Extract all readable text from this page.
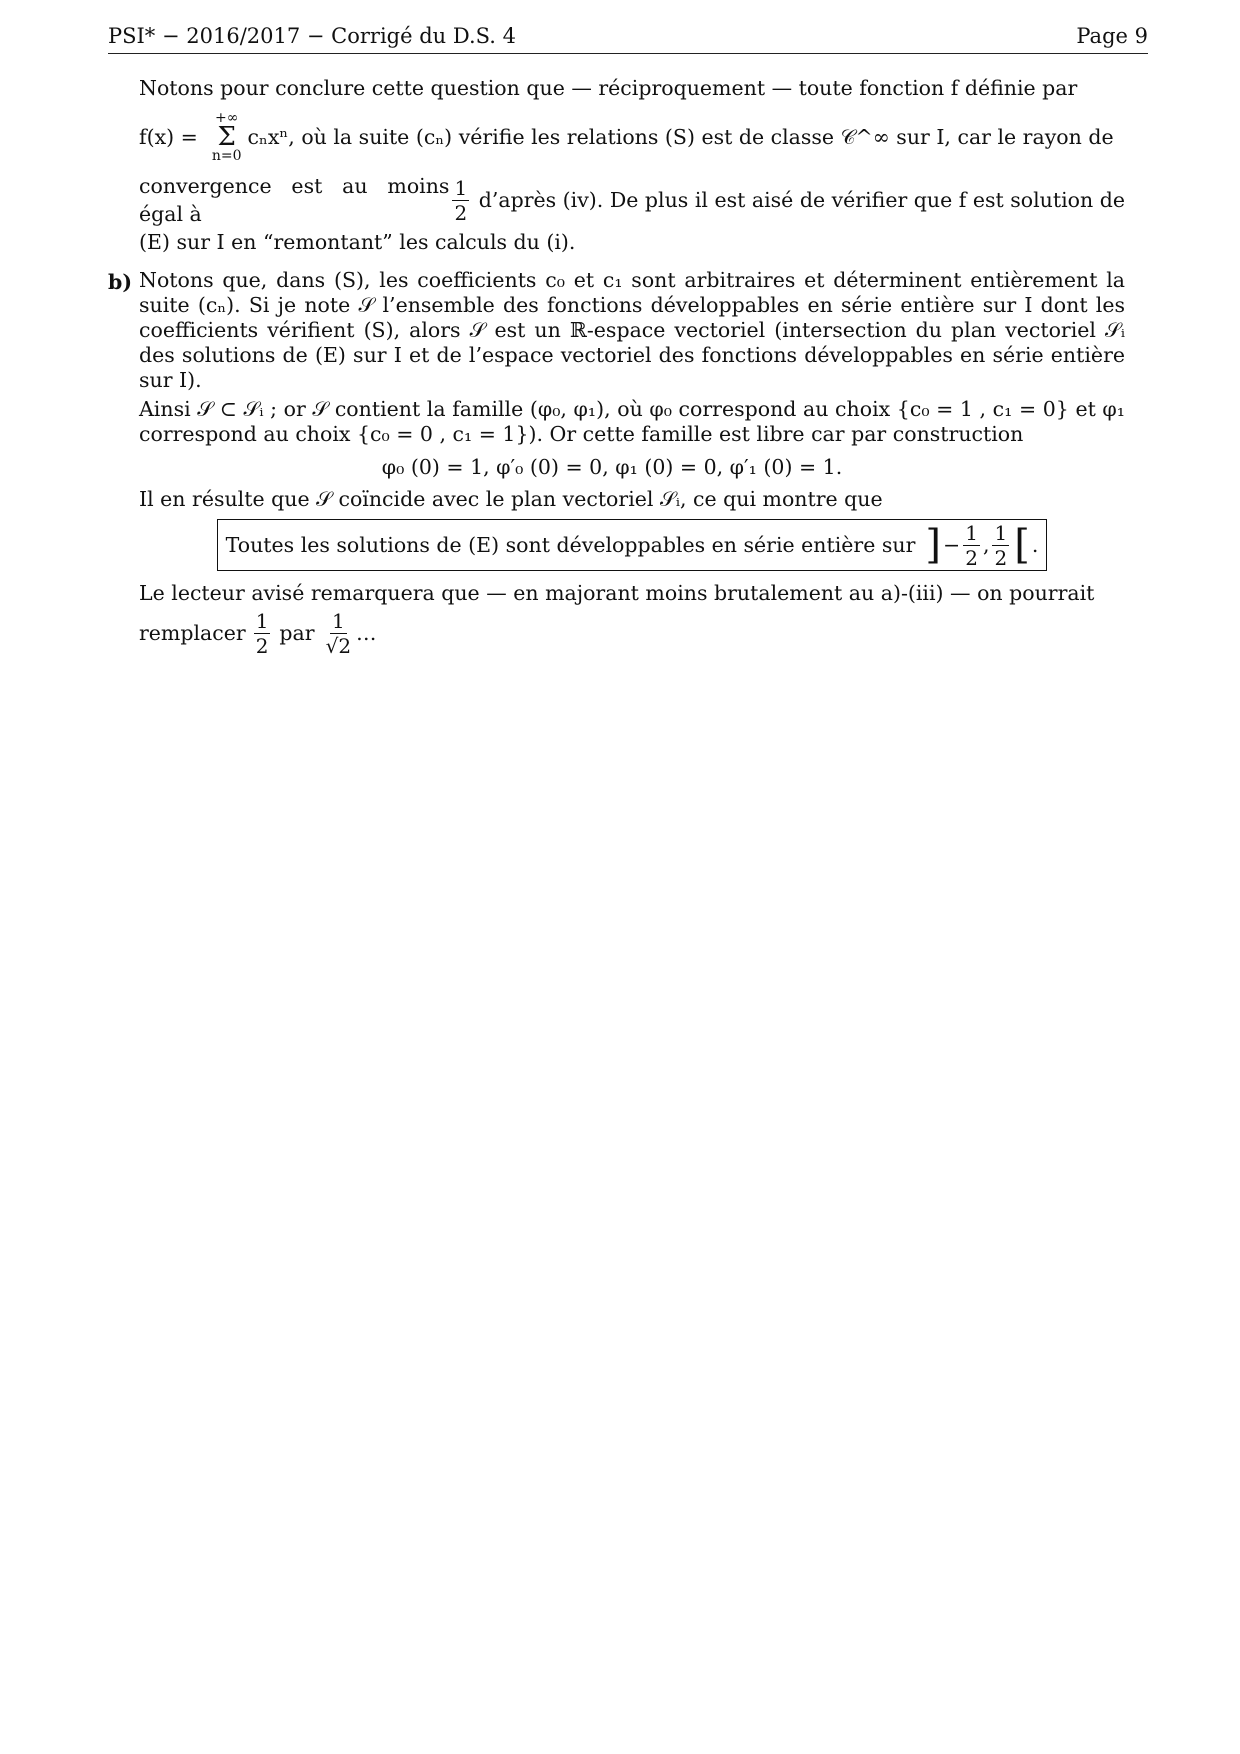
PSI* − 2016/2017 − Corrigé du D.S. 4	Page 9
Notons pour conclure cette question que — réciproquement — toute fonction f définie par
f(x) =
+∞
Σ
n=0
cₙxⁿ, où la suite (cₙ) vérifie les relations (S) est de classe 𝒞^∞ sur I, car le rayon de
convergence est au moins égal à	$\frac{1}{2}$ d’après (iv). De plus il est aisé de vérifier que f est solution de
(E) sur I en “remontant” les calculs du (i).
b) Notons que, dans (S), les coefficients c₀ et c₁ sont arbitraires et déterminent entièrement la suite (cₙ). Si je note 𝒮 l’ensemble des fonctions développables en série entière sur I dont les coefficients vérifient (S), alors 𝒮 est un ℝ-espace vectoriel (intersection du plan vectoriel 𝒮ᵢ des solutions de (E) sur I et de l’espace vectoriel des fonctions développables en série entière sur I).

Ainsi 𝒮 ⊂ 𝒮ᵢ ; or 𝒮 contient la famille (φ₀, φ₁), où φ₀ correspond au choix {c₀ = 1 , c₁ = 0} et φ₁ correspond au choix {c₀ = 0 , c₁ = 1}). Or cette famille est libre car par construction

φ₀ (0) = 1, φ′₀ (0) = 0, φ₁ (0) = 0, φ′₁ (0) = 1.

Il en résulte que 𝒮 coïncide avec le plan vectoriel 𝒮ᵢ, ce qui montre que

Toutes les solutions de (E) sont développables en série entière sur ] − $\frac{1}{2}$ , $\frac{1}{2}$ [ .

Le lecteur avisé remarquera que — en majorant moins brutalement au a)-(iii) — on pourrait

remplacer $\frac{1}{2}$ par $\frac{1}{√2}$ …
